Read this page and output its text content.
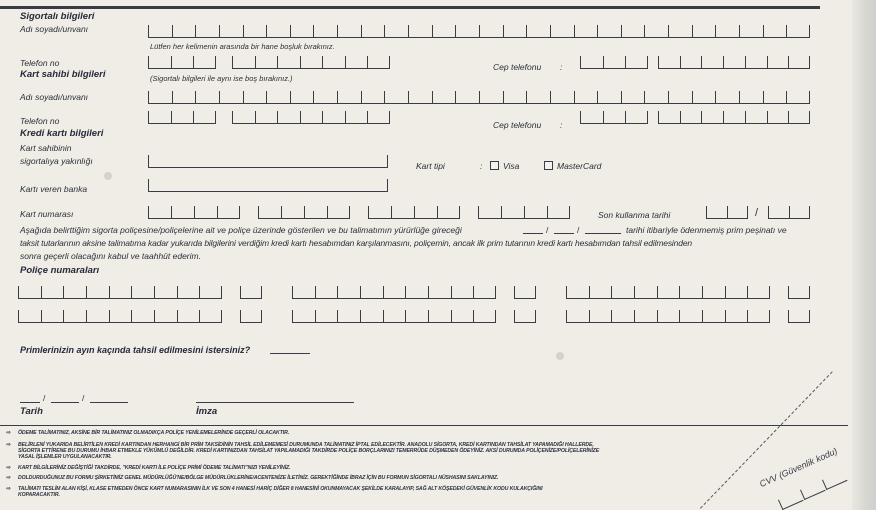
Sigortalı bilgileri
Adı soyadı/unvanı
Lütfen her kelimenin arasında bir hane boşluk bırakınız.
Telefon no	Cep telefonu :
Kart sahibi bilgileri	(Sigortalı bilgileri ile aynı ise boş bırakınız.)
Adı soyadı/unvanı
Telefon no	Cep telefonu :
Kredi kartı bilgileri
Kart sahibinin
sigortalıya yakınlığı	Kart tipi	: Visa	MasterCard
Kartı veren banka
Kart numarası	Son kullanma tarihi	/
Aşağıda belirttiğim sigorta poliçesine/poliçelerine ait ve poliçe üzerinde gösterilen ve bu talimatımın yürürlüğe gireceği	/	/	tarihi itibariyle ödenmemiş prim peşinatı ve
taksit tutarlarının aksine talimatıma kadar yukarıda bilgilerini verdiğim kredi kartı hesabımdan karşılanmasını, poliçemin, ancak ilk prim tutarının kredi kartı hesabımdan tahsil edilmesinden
sonra geçerli olacağını kabul ve taahhüt ederim.
Poliçe numaraları
Primlerinizin ayın kaçında tahsil edilmesini istersiniz?
/	/
Tarih	İmza
⇨ ÖDEME TALİMATINIZ, AKSİNE BİR TALİMATINIZ OLMADIKÇA POLİÇE YENİLEMELERİNDE GEÇERLİ OLACAKTIR.
⇨ BELİRLENİ YUKARIDA BELİRTİLEN KREDİ KARTINDAN HERHANGİ BİR PRİM TAKSİDİNİN TAHSİL EDİLEMEMESİ DURUMUNDA TALİMATINIZ İPTAL EDİLECEKTİR. ANADOLU SİGORTA, KREDİ KARTINDAN TAHSİLAT YAPAMADIĞI HALLERDE,
SİGORTA ETTİRENE BU DURUMU İHBAR ETMEKLE YÜKÜMLÜ DEĞİLDİR. KREDİ KARTINIZDAN TAHSİLAT YAPILAMADIĞI TAKDİRDE POLİÇE BORÇLARINIZI TEMERRÜDE DÜŞMEDEN ÖDEYİNİZ. AKSİ DURUMDA POLİÇENİZE/POLİÇELERİNİZE
YASAL İŞLEMLER UYGULANACAKTIR.
⇨ KART BİLGİLERİNİZ DEĞİŞTİĞİ TAKDİRDE, "KREDİ KARTI İLE POLİÇE PRİMİ ÖDEME TALİMATI"NIZI YENİLEYİNİZ.
⇨ DOLDURDUĞUNUZ BU FORMU ŞİRKETİMİZ GENEL MÜDÜRLÜĞÜ'NE/BÖLGE MÜDÜRLÜKLERİNE/ACENTENİZE İLETİNİZ. GEREKTİĞİNDE İBRAZ İÇİN BU FORMUN SİGORTALI NÜSHASINI SAKLAYINIZ.
⇨ TALİMATI TESLİM ALAN KİŞİ, KLASE ETMEDEN ÖNCE KART NUMARASININ İLK VE SON 4 HANESİ HARİÇ DİĞER 8 HANESİNİ OKUNMAYACAK ŞEKİLDE KARALAYIP, SAĞ ALT KÖŞEDEKİ GÜVENLİK KODU KULAKÇIĞINI
KOPARACAKTIR.
CVV (Güvenlik kodu)
